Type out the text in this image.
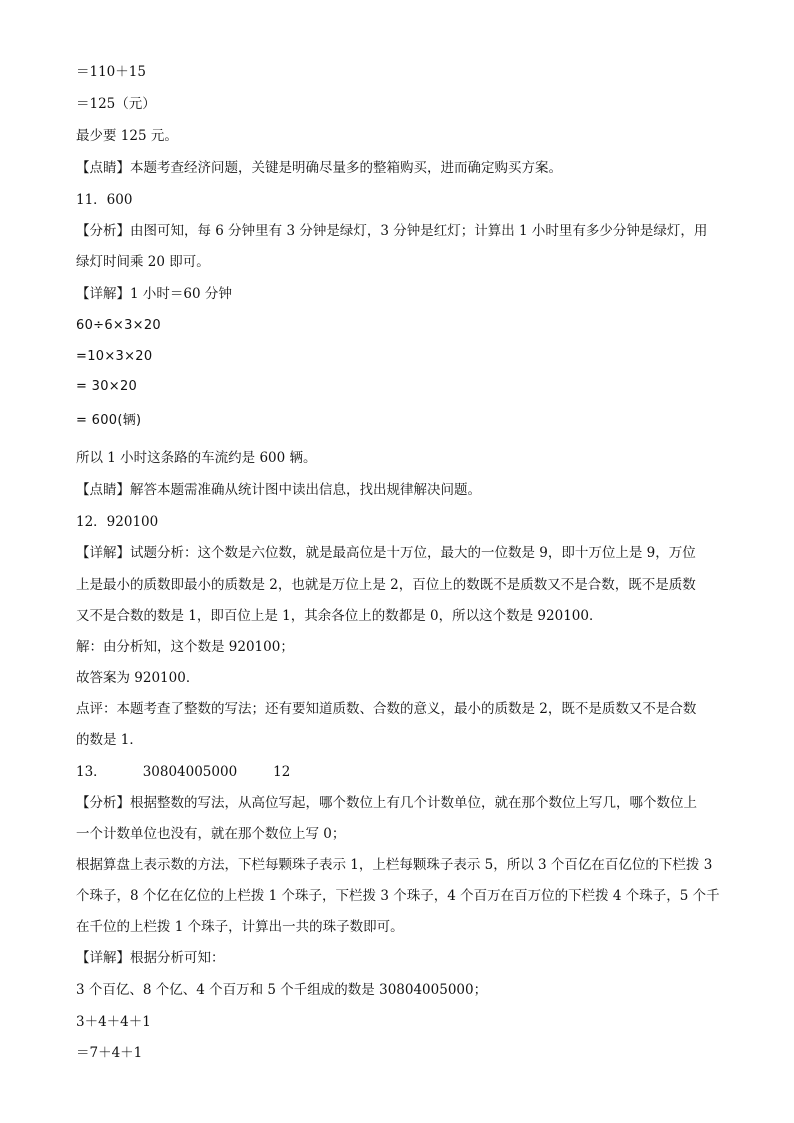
＝110＋15
＝125（元）
最少要 125 元。
【点睛】本题考查经济问题，关键是明确尽量多的整箱购买，进而确定购买方案。
11．600
【分析】由图可知，每 6 分钟里有 3 分钟是绿灯，3 分钟是红灯；计算出 1 小时里有多少分钟是绿灯，用
绿灯时间乘 20 即可。
【详解】1 小时＝60 分钟
60÷6×3×20
=10×3×20
= 30×20
= 600(辆)
所以 1 小时这条路的车流约是 600 辆。
【点睛】解答本题需准确从统计图中读出信息，找出规律解决问题。
12．920100
【详解】试题分析：这个数是六位数，就是最高位是十万位，最大的一位数是 9，即十万位上是 9，万位
上是最小的质数即最小的质数是 2，也就是万位上是 2，百位上的数既不是质数又不是合数，既不是质数
又不是合数的数是 1，即百位上是 1，其余各位上的数都是 0，所以这个数是 920100．
解：由分析知，这个数是 920100；
故答案为 920100．
点评：本题考查了整数的写法；还有要知道质数、合数的意义，最小的质数是 2，既不是质数又不是合数
的数是 1．
13．	30804005000	12
【分析】根据整数的写法，从高位写起，哪个数位上有几个计数单位，就在那个数位上写几，哪个数位上
一个计数单位也没有，就在那个数位上写 0；
根据算盘上表示数的方法，下栏每颗珠子表示 1，上栏每颗珠子表示 5，所以 3 个百亿在百亿位的下栏拨 3
个珠子，8 个亿在亿位的上栏拨 1 个珠子，下栏拨 3 个珠子，4 个百万在百万位的下栏拨 4 个珠子，5 个千
在千位的上栏拨 1 个珠子，计算出一共的珠子数即可。
【详解】根据分析可知：
3 个百亿、8 个亿、4 个百万和 5 个千组成的数是 30804005000；
3＋4＋4＋1
＝7＋4＋1
